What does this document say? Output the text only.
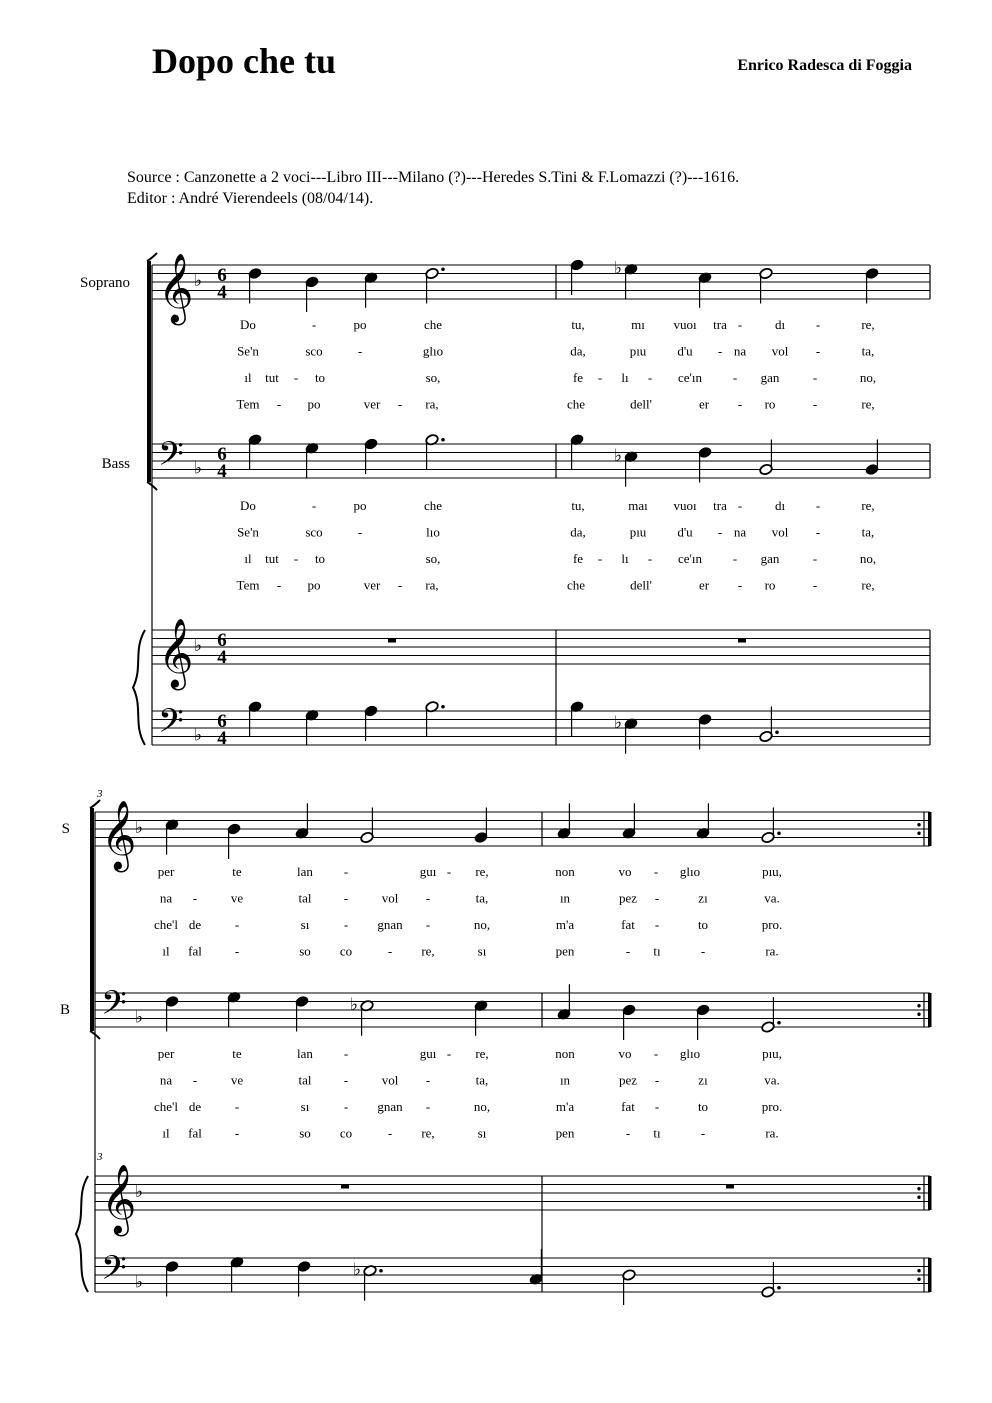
Dopo che tu	Enrico Radesca di Foggia
Source : Canzonette a 2 voci---Libro III---Milano (?)---Heredes S.Tini & F.Lomazzi (?)---1616.
Editor : André Vierendeels (08/04/14).
Soprano
Bass
S
B
3
3
𝄞 ♭ 6
4
𝄢 ♭
6
4
𝄞 ♭ 6
4
𝄢 ♭
6
4
♭
♭
♭
Do	-	po	che	tu,	mı vuoı tra -	dı -	re,
Se'n	sco	-	glıo	da,	pıu d'u - na vol -	ta,
ıl tut - to	so,	fe - lı - ce'ın - gan	-	no,
Tem - po	ver - ra,	che	dell'	er - ro	-	re,
Do	-	po	che	tu,	maı vuoı tra -	dı -	re,
Se'n	sco	-	lıo	da,	pıu d'u - na vol -	ta,
ıl tut - to	so,	fe - lı - ce'ın - gan	-	no,
Tem - po	ver - ra,	che	dell'	er - ro	-	re,
𝄞
♭
𝄢 ♭
𝄞
♭
𝄢 ♭
♭
♭
per	te	lan -	guı - re,	non	vo - glıo	pıu,
na -	ve	tal -	vol -	ta,	ın	pez -	zı	va.
che'l de	-	sı	- gnan -	no,	m'a	fat -	to	pro.
ıl fal	-	so co	- re,	sı	pen	- tı	-	ra.
per	te	lan -	guı - re,	non	vo - glıo	pıu,
na -	ve	tal -	vol -	ta,	ın	pez -	zı	va.
che'l de	-	sı	- gnan -	no,	m'a	fat -	to	pro.
ıl fal	-	so co	- re,	sı	pen	- tı	-	ra.
